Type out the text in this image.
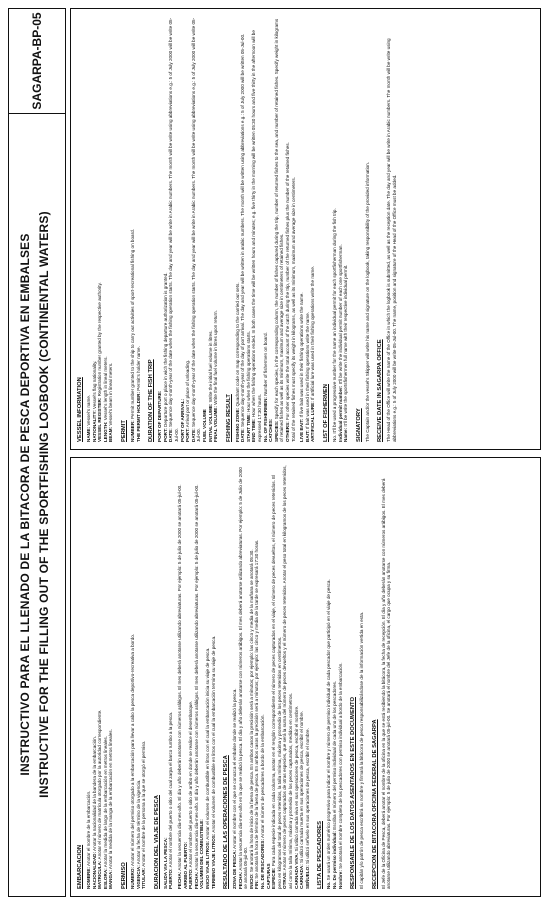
INSTRUCTIVO PARA EL LLENADO DE LA BITACORA DE PESCA DEPORTIVA EN EMBALSES INSTRUCTIVE FOR THE FILLING OUT OF THE SPORTFISHING LOGBOOK (CONTINENTAL WATERS)
SAGARPA-BP-05
EMBARCACION NOMBRE: Anotar el nombre de la embarcación.

NACIONALIDAD: Anotar la nacionalidad de la bandera de la embarcación.

MATRICULA: Anotar el número de matrícula otorgado por la autoridad correspondiente.

ESLORA: Anotar la medida de largo de la embarcación en metros lineales.

MANGA: Anotar la medida de la manga de la embarcación en metros lineales.

PERMISO NUMERO: Anotar el número del permiso otorgado a la embarcación para llevar a cabo la pesca deportivo-recreativa a bordo.

VIGENCIA: Anotar la fecha de término de la vigencia.

TITULAR: Anotar el nombre de la persona a la que se otorgó el permiso. DURACION DEL VIAJE DE PESCA SALIDA VIA LA PESCA: PUERTO: Anotar el nombre del puerto o sitio del cual zarpa el barco rumbo a la pesca.

FECHA: Anotar la secuencia día-mes-año. El día y año deberán anotarse con números arábigos. El mes deberá anotarse utilizando abreviaturas. Por ejemplo: 5 de julio de 2000 se anotará 05-jul-00. ARRIBO AL PUERTO: PUERTO: Anotar el nombre del puerto o sitio de arribo en donde se realice el desembarque.

FECHA: Anotar la secuencia día-mes-año. El día y año deberán anotarse con números arábigos. El mes deberá anotarse utilizando abreviaturas. Por ejemplo: 5 de julio de 2000 se anotará 05-jul-00. VOLUMEN DEL COMBUSTIBLE: INICIO VIAJE LITROS: Anotar el volumen de combustible en litros con el cual la embarcación inicia su viaje de pesca.

TERMINO VIAJE LITROS: Anotar el volumen de combustible en litros con el cual la embarcación termina su viaje de pesca. RESULTADO DE LAS OPERACIONES DE PESCA ZONA DE PESCA: Anotar el nombre con el que se conozca el embalse donde se realizó la pesca.

FECHA: Anotar la secuencia día-mes-año en la que se realizó la pesca. El día y año deberán anotarse con números arábigos. El mes deberá anotarse utilizando abreviaturas. Por ejemplo: 5 de Julio de 2000 se anotará 05-jul-00. INICIO: Se anotará la hora de inicio de la faena de pesca. En ambos casos la precisión será a minutos; por ejemplo: las cinco y media de la mañana se anotará 05:30.

FIN: Se anotará la hora de término de la faena de pesca. En ambos casos la precisión será a minutos; por ejemplo: las cinco y media de la tarde se expresará 17:30 horas. No. DE PESCADORES: Anotar el número de pescadores a bordo de la embarcación.

CAPTURAS ESPECIE: Para cada especie indicada en cada columna, anotar en el renglón correspondiente el número de peces capturados en el viaje, el número de peces devueltos, el número de peces retenidos. El peso en kilogramos del total de peces retenidos, la talla mínima, máxima y promedio de los peces retenidos en centímetros. OTRAS: Anotar el número de peces capturados de otras especies, que será la suma del número de peces devueltos y el número de peces retenidos. Anotar el peso total en kilogramos de los peces retenidos, así como la talla mínima, máxima y promedio de los peces capturados, medidos en centímetros. CARNADA VIVA: Si utilizó carnada viva en sus operaciones de pesca, escribir el nombre.

CARNADA: Si utilizó carnada muerta en sus operaciones de pesca, escribir el nombre.

SEÑUELO: Si utilizó señuelo en sus operaciones de pesca, escribir el nombre. LISTA DE PESCADORES No. Se usará un orden numérico progresivo para indicar el nombre y número de permiso individual de cada pescador que participó en el viaje de pesca. No. De permiso individual: Escriba el número del permiso individual de cada uno de los pescadores.

Nombre: Se anotará el nombre completo de los pescadores con permiso individual a bordo de la embarcación. RESPONSABLE DE LOS DATOS ASENTADOS EN ESTE DOCUMENTO El capitán y/o patrón de pesca escribirá su nombre y firmará la bitácora de pesca responsabilizándose de la información vertida en esta. RECEPCION DE BITACORA OFICINA FEDERAL DE SAGARPA El Jefe de la Oficina de Pesca, deberá anotar el nombre de la oficina en la que se está recibiendo la bitácora, la fecha de recepción. El día y año deberán anotarse con números arábigos. El mes deberá anotarse utilizando abreviaturas. Por ejemplo: 5 de julio de 2000 se anotará 05-jul-00. Se anotará el nombre del Jefe de la oficina, el cargo que ocupa y su firma.

VESSEL INFORMATION NAME: Vessel's name. NATIONALITY: Vessel's flag nationality.

VESSEL REGISTER: Registration number granted by the respective authority.

LENGTH: Vessel's length in lineal meters.

BEAM: Vessel's beam in lineal meters.

PERMIT NUMBER: Permit number granted to the ship to carry out activities of sport-recreational fishing on board. THE PERMIT HOLDER: Permit's holder name. DURATION OF THE FISH TRIP PORT OF DEPARTURE: PORT: Departure port o place in wich the fishing departure authorization is granted.

DATE: Sequence day-month-year of the date when the fishing operation starts. The day and year will be write in Arabic numbers. The month will be write using abbreviations e.g.: 5 of July 2000 will be write 05-Jul-00. PORT OF ARRIVAL: PORT: Arrival port or place of unloading.

DATE: Sequence day-month-year of the date when the fishing operation starts. The day and year will be write in Arabic numbers. The month will be write using abbreviations e.g.: 5 of July 2000 will be write 05-Jul-00. FUEL VOLUME INITIAL VOLUME: Write the initial fuel volume in litres.

FINAL VOLUME: Write the final fuel volume in litres upon return.

FISHING RESULT FISHING ZONE: Quadrant code on map corresponding to the carried out sets.

DATE: Sequence day-month-year of the day of port arrival. The day and year will be written in arabic numbers. The month will be written using abbreviations e.g.: 5 of July 2000 will be written 05-Jul-00.

START TIME: Hour when the fishing operations starts.

END TIME: Hour when the fishing operations ended. In both cases the time will be written hours and minutes; e.g. five thirty in the morning will be written 05:30 hours and five thirty in the afternoon will be expressed 17:30 hours. No. OF FISHERMEN: Number of fishermen on board.

CATCHES: SPECIES: Specify for each species, in the corresponding column, the number of fishes captured during the trip, number of returned fishes to the sea, and number of retained fishes. Specify weight in kilograms of retained fishes as well as its minimum, maximum and average size in centimeters of retained fishes. OTHERS: For other species write the total account of the catch during the trip, number of the returned fishes plus the number of the retained fishes. Total of the retained fishes must specify its weight in kilograms, as well as its minimum, maximum and average size in centimeters. LIVE BAIT: If live bait was used in their fishing operations write the name.

BAIT: If bait was used in their fishing operations write the name. ARTIFICIAL LURE: If artificial lure was used in their fishing operations write the name.

LIST OF FISHERMEN No. It'll be used a progressive number for the name an individual permit for each sportfisherman during the fish trip. Individual permit number: It'll be write the individual permit number of each one sportfisherman.

Name: It'll be write the sportsfishermen full name with their respective individual permit. SIGNATORY The Captain and/or the vessel's Skipper will write his name and signature on the logbook, taking responsibility of the provided information. RECEIVE DATE IN SAGARPA OFFICE The Head of the Office will write the name of the Office in which the logbook is submitted, as well as the reception date. The day and year will be write in Arabic numbers. The month will be write using abbreviations e.g.: 5 of July 2000 will be write 05-Jul-00. The name, position and signature of the Head of the Office must be added.
